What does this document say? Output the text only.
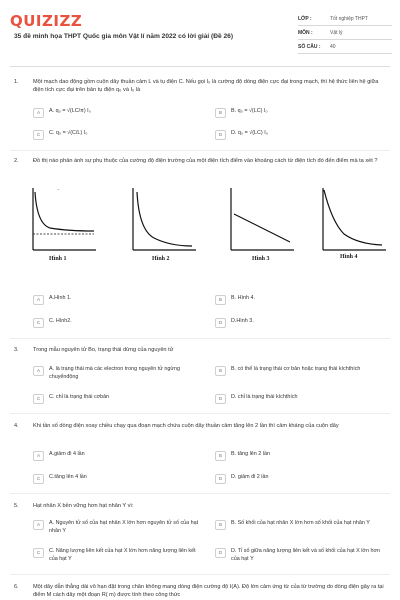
QUIZIZZ
35 đề minh họa THPT Quốc gia môn Vật lí năm 2022 có lời giải (Đề 26)
LỚP :	Tốt nghiệp THPT
MÔN :	Vật lý
SỐ CÂU :	40
1.	Một mạch dao động gồm cuộn dây thuần cảm L và tụ điện C. Nếu gọi I₀ là cường độ dòng điện cực đại trong mạch, thì hệ thức liên hệ giữa điện tích cực đại trên bản tụ điện q₀ và I₀ là
A	A. q₀ = √(LC/π) I₀	B	B. q₀ = √(LC) I₀
C	C. q₀ = √(C/L) I₀	D	D. q₀ = √(LC) I₀
2.	Đồ thị nào phản ánh sự phụ thuộc của cường độ điện trường của một điện tích điểm vào khoảng cách từ điện tích đó đến điểm mà ta xét ?
→
Hình 1	Hình 2	Hình 3	Hình 4
A	A.Hình 1.	B	B. Hình 4.
C	C. Hình2.	D	D.Hình 3.
3.	Trong mẫu nguyên tử Bo, trạng thái dừng của nguyên tử
A	A. là trạng thái mà các electron trong nguyên tử ngừng chuyểnđộng
B	B. có thể là trạng thái cơ bản hoặc trạng thái kíchthích
C	C. chỉ là trạng thái cơbản	D	D. chỉ là trạng thái kíchthích
4.	Khi tần số dòng điện xoay chiều chạy qua đoạn mạch chứa cuộn dây thuần cảm tăng lên 2 lần thì cảm kháng của cuộn dây
A	A.giảm đi 4 lần	B	B. tăng lên 2 lần
C	C.tăng lên 4 lần	D	D. giảm đi 2 lần
5.	Hạt nhân X bền vững hơn hạt nhân Y vì:
A	A. Nguyên tử số của hạt nhân X lớn hơn nguyên tử số của hạt nhân Y
B	B. Số khối của hạt nhân X lớn hơn số khối của hạt nhân Y
C	C. Năng lượng liên kết của hạt X lớn hơn năng lượng liên kết của hạt Y
D	D. Tỉ số giữa năng lượng liên kết và số khối của hạt X lớn hơn của hạt Y
6.	Một dây dẫn thẳng dài vô hạn đặt trong chân không mang dòng điện cường độ I(A). Độ lớn cảm ứng từ của từ trường do dòng điện gây ra tại điểm M cách dây một đoạn R( m) được tính theo công thức
